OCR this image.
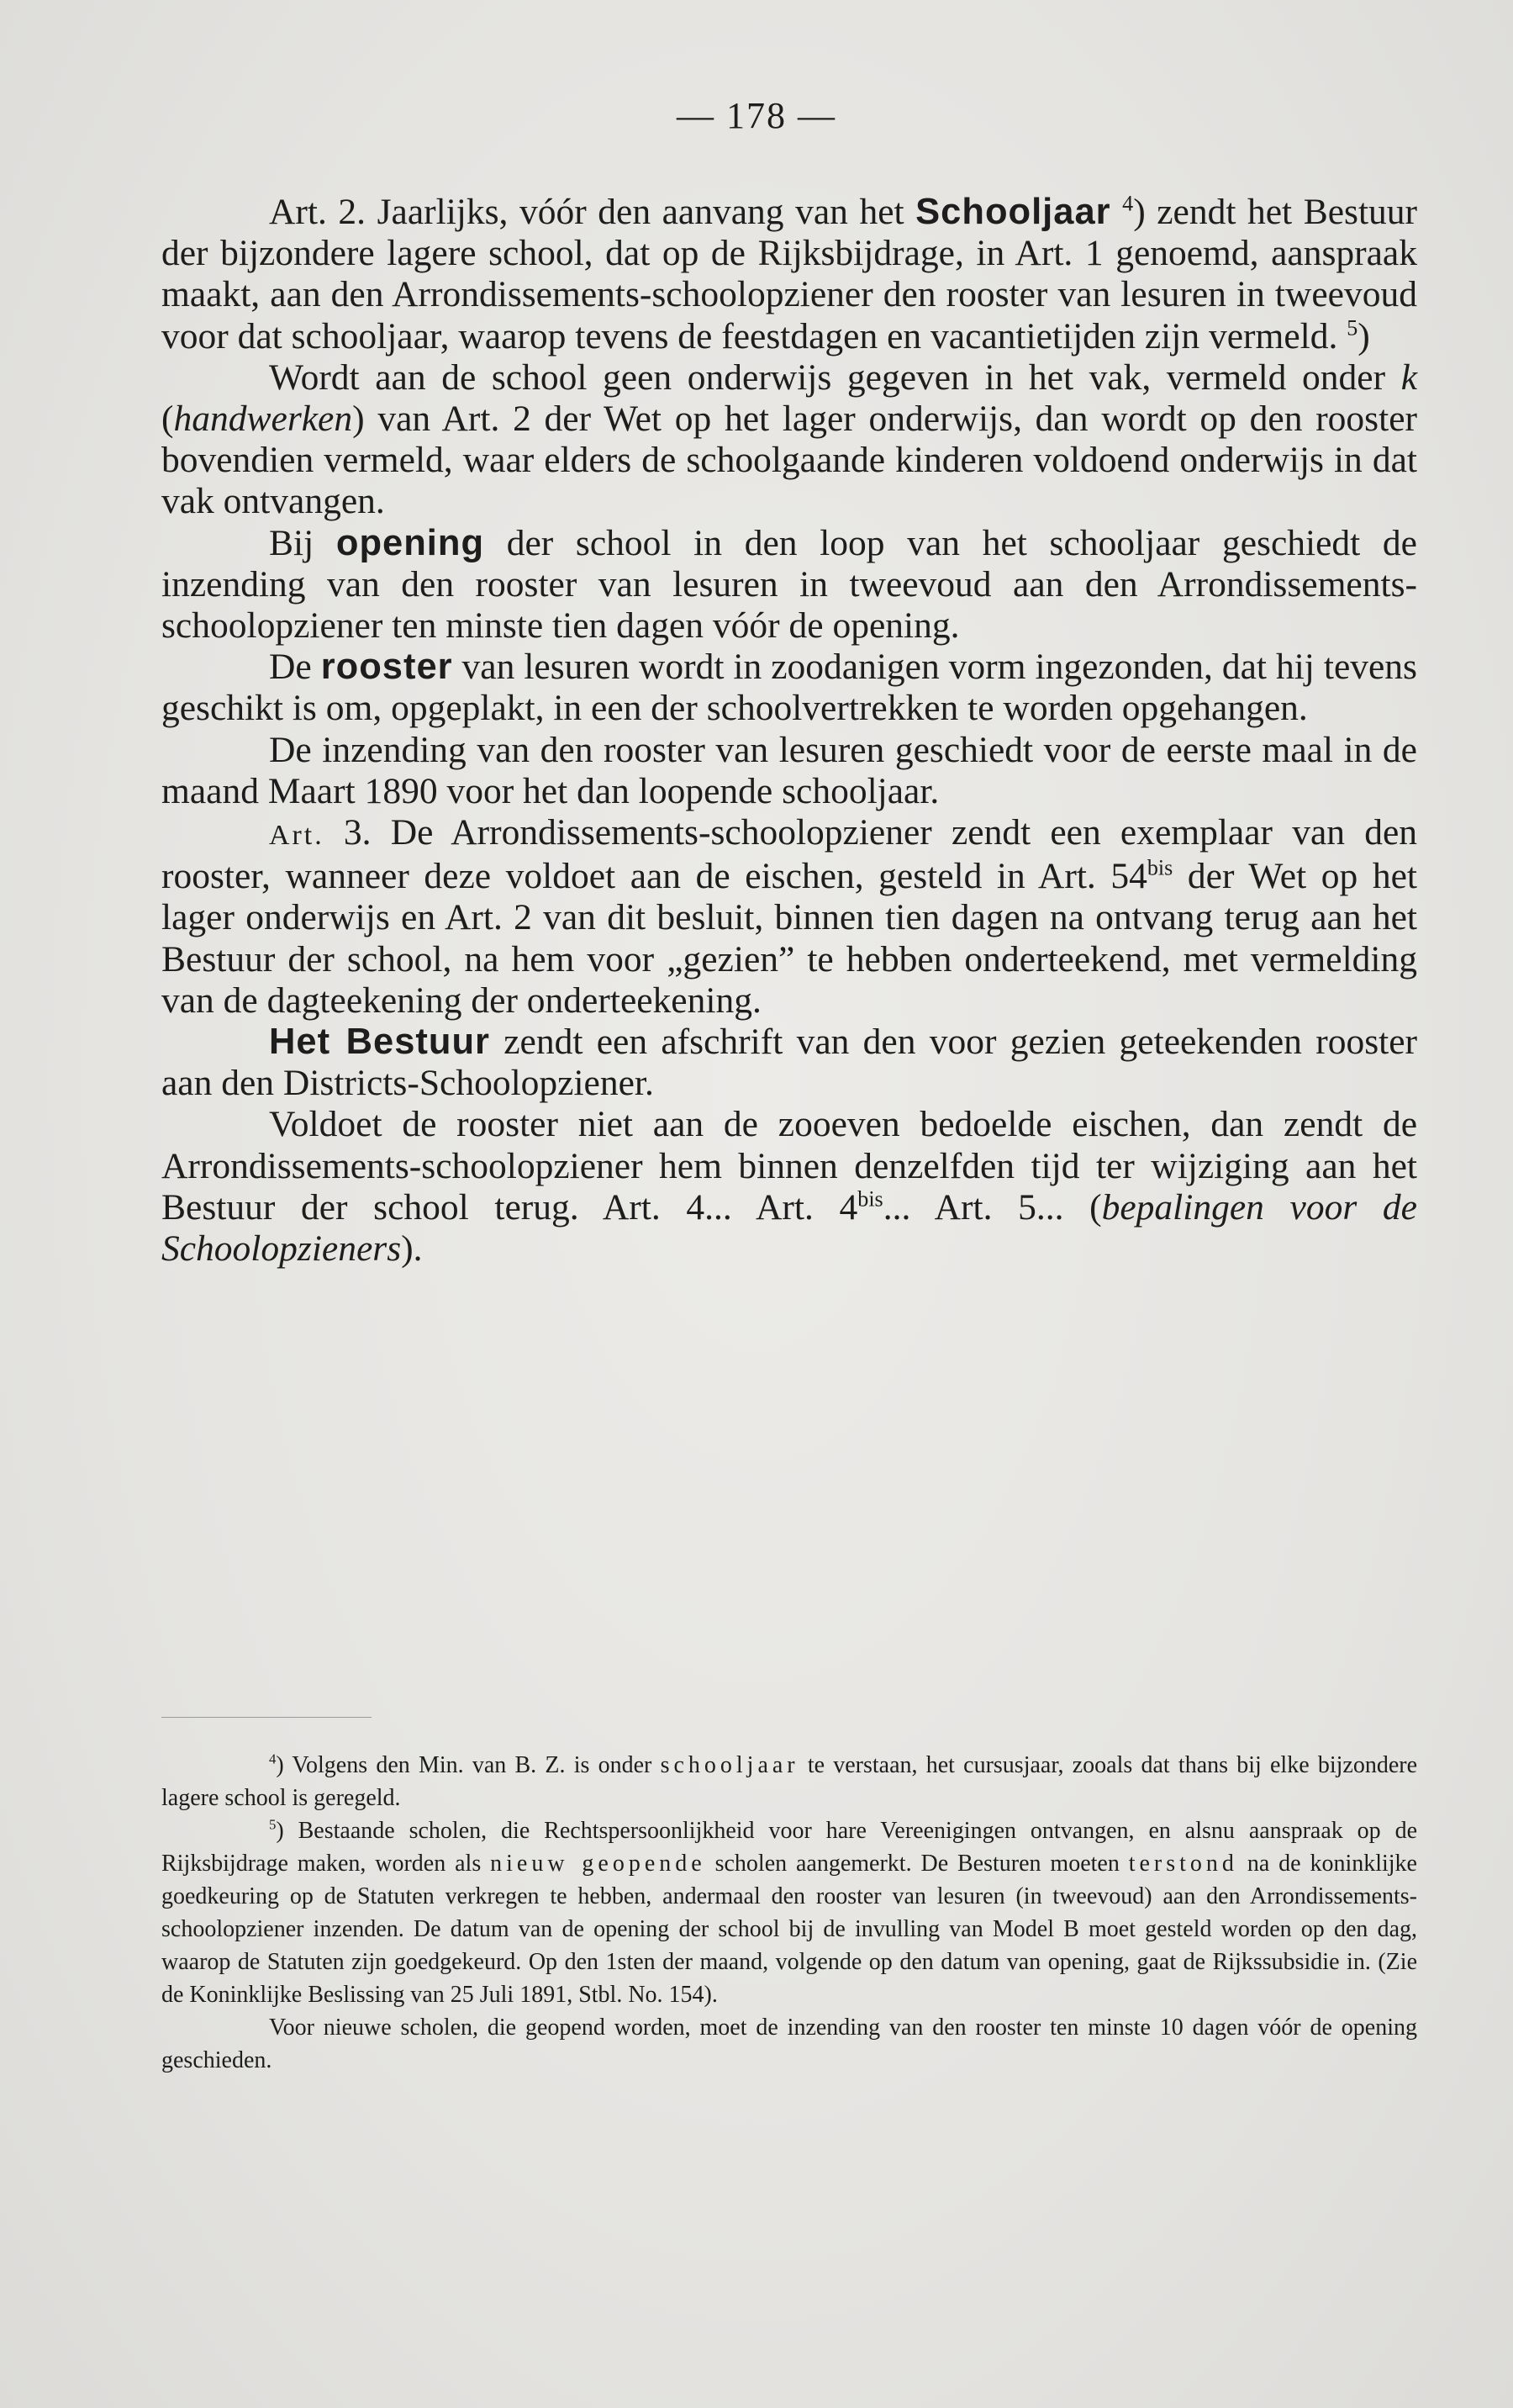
— 178 —

Art. 2. Jaarlijks, vóór den aanvang van het Schooljaar $^4$) zendt het Bestuur der bijzondere lagere school, dat op de Rijksbijdrage, in Art. 1 genoemd, aanspraak maakt, aan den Arrondissements-schoolopziener den rooster van lesuren in tweevoud voor dat schooljaar, waarop tevens de feestdagen en vacantietijden zijn vermeld. $^5$)

Wordt aan de school geen onderwijs gegeven in het vak, vermeld onder k (handwerken) van Art. 2 der Wet op het lager onderwijs, dan wordt op den rooster bovendien vermeld, waar elders de schoolgaande kinderen voldoend onderwijs in dat vak ontvangen.

Bij opening der school in den loop van het schooljaar geschiedt de inzending van den rooster van lesuren in tweevoud aan den Arrondissements-schoolopziener ten minste tien dagen vóór de opening.

De rooster van lesuren wordt in zoodanigen vorm ingezonden, dat hij tevens geschikt is om, opgeplakt, in een der schoolvertrekken te worden opgehangen.

De inzending van den rooster van lesuren geschiedt voor de eerste maal in de maand Maart 1890 voor het dan loopende schooljaar.

Art. 3. De Arrondissements-schoolopziener zendt een exemplaar van den rooster, wanneer deze voldoet aan de eischen, gesteld in Art. $54^{bis}$ der Wet op het lager onderwijs en Art. 2 van dit besluit, binnen tien dagen na ontvang terug aan het Bestuur der school, na hem voor „gezien” te hebben onderteekend, met vermelding van de dagteekening der onderteekening.

Het Bestuur zendt een afschrift van den voor gezien geteekenden rooster aan den Districts-Schoolopziener.

Voldoet de rooster niet aan de zooeven bedoelde eischen, dan zendt de Arrondissements-schoolopziener hem binnen denzelfden tijd ter wijziging aan het Bestuur der school terug. Art. 4... Art. $4^{bis}$... Art. 5... (bepalingen voor de Schoolopzieners).

$^4$) Volgens den Min. van B. Z. is onder schooljaar te verstaan, het cursusjaar, zooals dat thans bij elke bijzondere lagere school is geregeld.

$^5$) Bestaande scholen, die Rechtspersoonlijkheid voor hare Vereenigingen ontvangen, en alsnu aanspraak op de Rijksbijdrage maken, worden als nieuw geopende scholen aangemerkt. De Besturen moeten terstond na de koninklijke goedkeuring op de Statuten verkregen te hebben, andermaal den rooster van lesuren (in tweevoud) aan den Arrondissements-schoolopziener inzenden. De datum van de opening der school bij de invulling van Model B moet gesteld worden op den dag, waarop de Statuten zijn goedgekeurd. Op den 1sten der maand, volgende op den datum van opening, gaat de Rijkssubsidie in. (Zie de Koninklijke Beslissing van 25 Juli 1891, Stbl. No. 154).

Voor nieuwe scholen, die geopend worden, moet de inzending van den rooster ten minste 10 dagen vóór de opening geschieden.
